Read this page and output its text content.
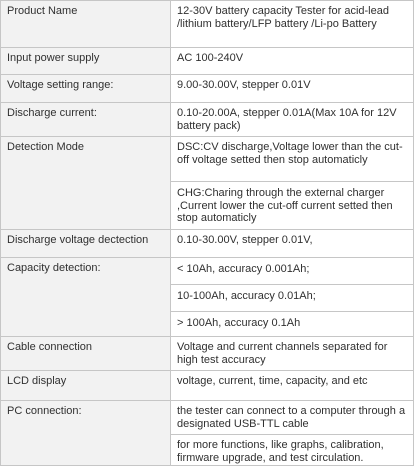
Product Name	12-30V battery capacity Tester for acid-lead /lithium battery/LFP battery /Li-po Battery
Input power supply	AC 100-240V
Voltage setting range:	9.00-30.00V, stepper 0.01V
Discharge current:	0.10-20.00A, stepper 0.01A(Max 10A for 12V battery pack)
Detection Mode	DSC:CV discharge,Voltage lower than the cut-off voltage setted then stop automaticly
	CHG:Charing through the external charger ,Current lower the cut-off current setted then stop automaticly
Discharge voltage dectection	0.10-30.00V, stepper 0.01V,
Capacity detection:	< 10Ah, accuracy 0.001Ah;
	10-100Ah, accuracy 0.01Ah;
	> 100Ah, accuracy 0.1Ah
Cable connection	Voltage and current channels separated for high test accuracy
LCD display	voltage, current, time, capacity, and etc
PC connection:	the tester can connect to a computer through a designated USB-TTL cable
	for more functions, like graphs, calibration, firmware upgrade, and test circulation.
